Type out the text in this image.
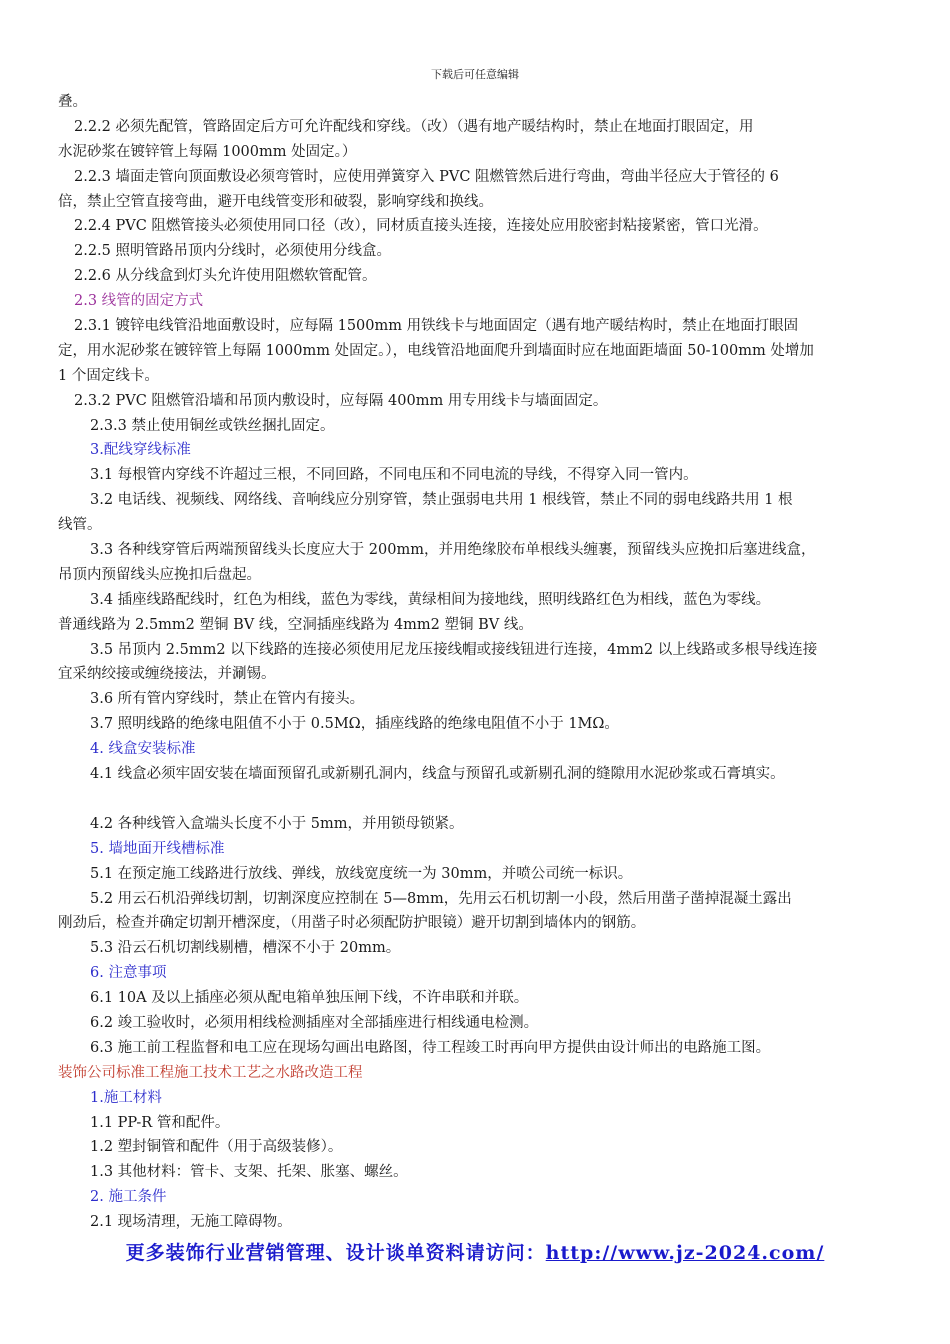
下载后可任意编辑
叠。
2.2.2 必须先配管，管路固定后方可允许配线和穿线。（改）（遇有地产暖结构时，禁止在地面打眼固定，用
水泥砂浆在镀锌管上每隔 1000mm 处固定。）
2.2.3 墙面走管向顶面敷设必须弯管时，应使用弹簧穿入 PVC 阻燃管然后进行弯曲，弯曲半径应大于管径的 6
倍，禁止空管直接弯曲，避开电线管变形和破裂，影响穿线和换线。
2.2.4 PVC 阻燃管接头必须使用同口径（改），同材质直接头连接，连接处应用胶密封粘接紧密，管口光滑。
2.2.5 照明管路吊顶内分线时，必须使用分线盒。
2.2.6 从分线盒到灯头允许使用阻燃软管配管。
2.3 线管的固定方式
2.3.1 镀锌电线管沿地面敷设时，应每隔 1500mm 用铁线卡与地面固定（遇有地产暖结构时，禁止在地面打眼固
定，用水泥砂浆在镀锌管上每隔 1000mm 处固定。），电线管沿地面爬升到墙面时应在地面距墙面 50-100mm 处增加
1 个固定线卡。
2.3.2 PVC 阻燃管沿墙和吊顶内敷设时，应每隔 400mm 用专用线卡与墙面固定。
2.3.3 禁止使用铜丝或铁丝捆扎固定。
3.配线穿线标准
3.1 每根管内穿线不许超过三根，不同回路，不同电压和不同电流的导线，不得穿入同一管内。
3.2 电话线、视频线、网络线、音响线应分别穿管，禁止强弱电共用 1 根线管，禁止不同的弱电线路共用 1 根
线管。
3.3 各种线穿管后两端预留线头长度应大于 200mm，并用绝缘胶布单根线头缠裹，预留线头应挽扣后塞进线盒，
吊顶内预留线头应挽扣后盘起。
3.4 插座线路配线时，红色为相线，蓝色为零线，黄绿相间为接地线，照明线路红色为相线，蓝色为零线。
普通线路为 2.5mm2 塑铜 BV 线，空洞插座线路为 4mm2 塑铜 BV 线。
3.5 吊顶内 2.5mm2 以下线路的连接必须使用尼龙压接线帽或接线钮进行连接，4mm2 以上线路或多根导线连接
宜采纳绞接或缠绕接法，并涮锡。
3.6 所有管内穿线时，禁止在管内有接头。
3.7 照明线路的绝缘电阻值不小于 0.5MΩ，插座线路的绝缘电阻值不小于 1MΩ。
4. 线盒安装标准
4.1 线盒必须牢固安装在墙面预留孔或新剔孔洞内，线盒与预留孔或新剔孔洞的缝隙用水泥砂浆或石膏填实。
4.2 各种线管入盒端头长度不小于 5mm，并用锁母锁紧。
5. 墙地面开线槽标准
5.1 在预定施工线路进行放线、弹线，放线宽度统一为 30mm，并喷公司统一标识。
5.2 用云石机沿弹线切割，切割深度应控制在 5—8mm，先用云石机切割一小段，然后用凿子凿掉混凝土露出
刚劲后，检查并确定切割开槽深度，（用凿子时必须配防护眼镜）避开切割到墙体内的钢筋。
5.3 沿云石机切割线剔槽，槽深不小于 20mm。
6. 注意事项
6.1 10A 及以上插座必须从配电箱单独压闸下线，不许串联和并联。
6.2 竣工验收时，必须用相线检测插座对全部插座进行相线通电检测。
6.3 施工前工程监督和电工应在现场勾画出电路图，待工程竣工时再向甲方提供由设计师出的电路施工图。
装饰公司标准工程施工技术工艺之水路改造工程
1.施工材料
1.1 PP-R 管和配件。
1.2 塑封铜管和配件（用于高级装修）。
1.3 其他材料：管卡、支架、托架、胀塞、螺丝。
2. 施工条件
2.1 现场清理，无施工障碍物。
更多装饰行业营销管理、设计谈单资料请访问：http://www.jz-2024.com/
